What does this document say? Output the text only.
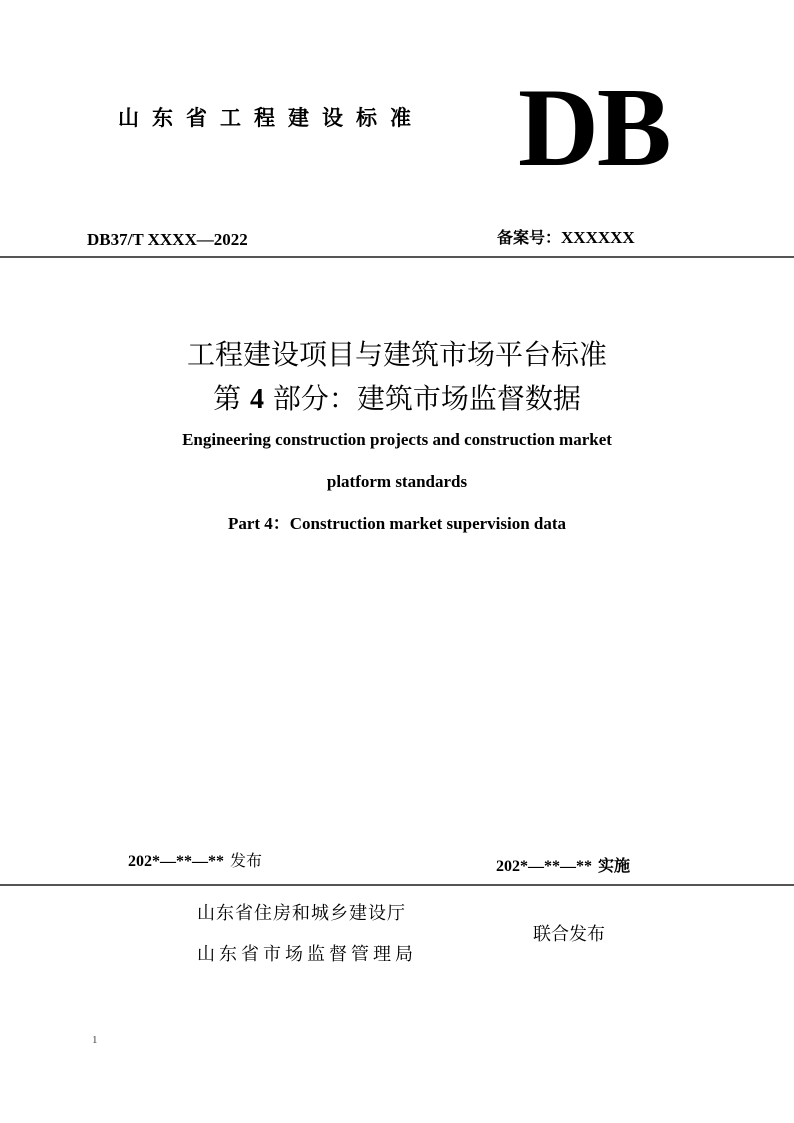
山东省工程建设标准 DB
DB37/T XXXX—2022	备案号：XXXXXX
工程建设项目与建筑市场平台标准
第 4 部分：建筑市场监督数据
Engineering construction projects and construction market
platform standards
Part 4：Construction market supervision data
202*—**—** 发布	202*—**—** 实施
山东省住房和城乡建设厅
山东省市场监督管理局
联合发布
1
